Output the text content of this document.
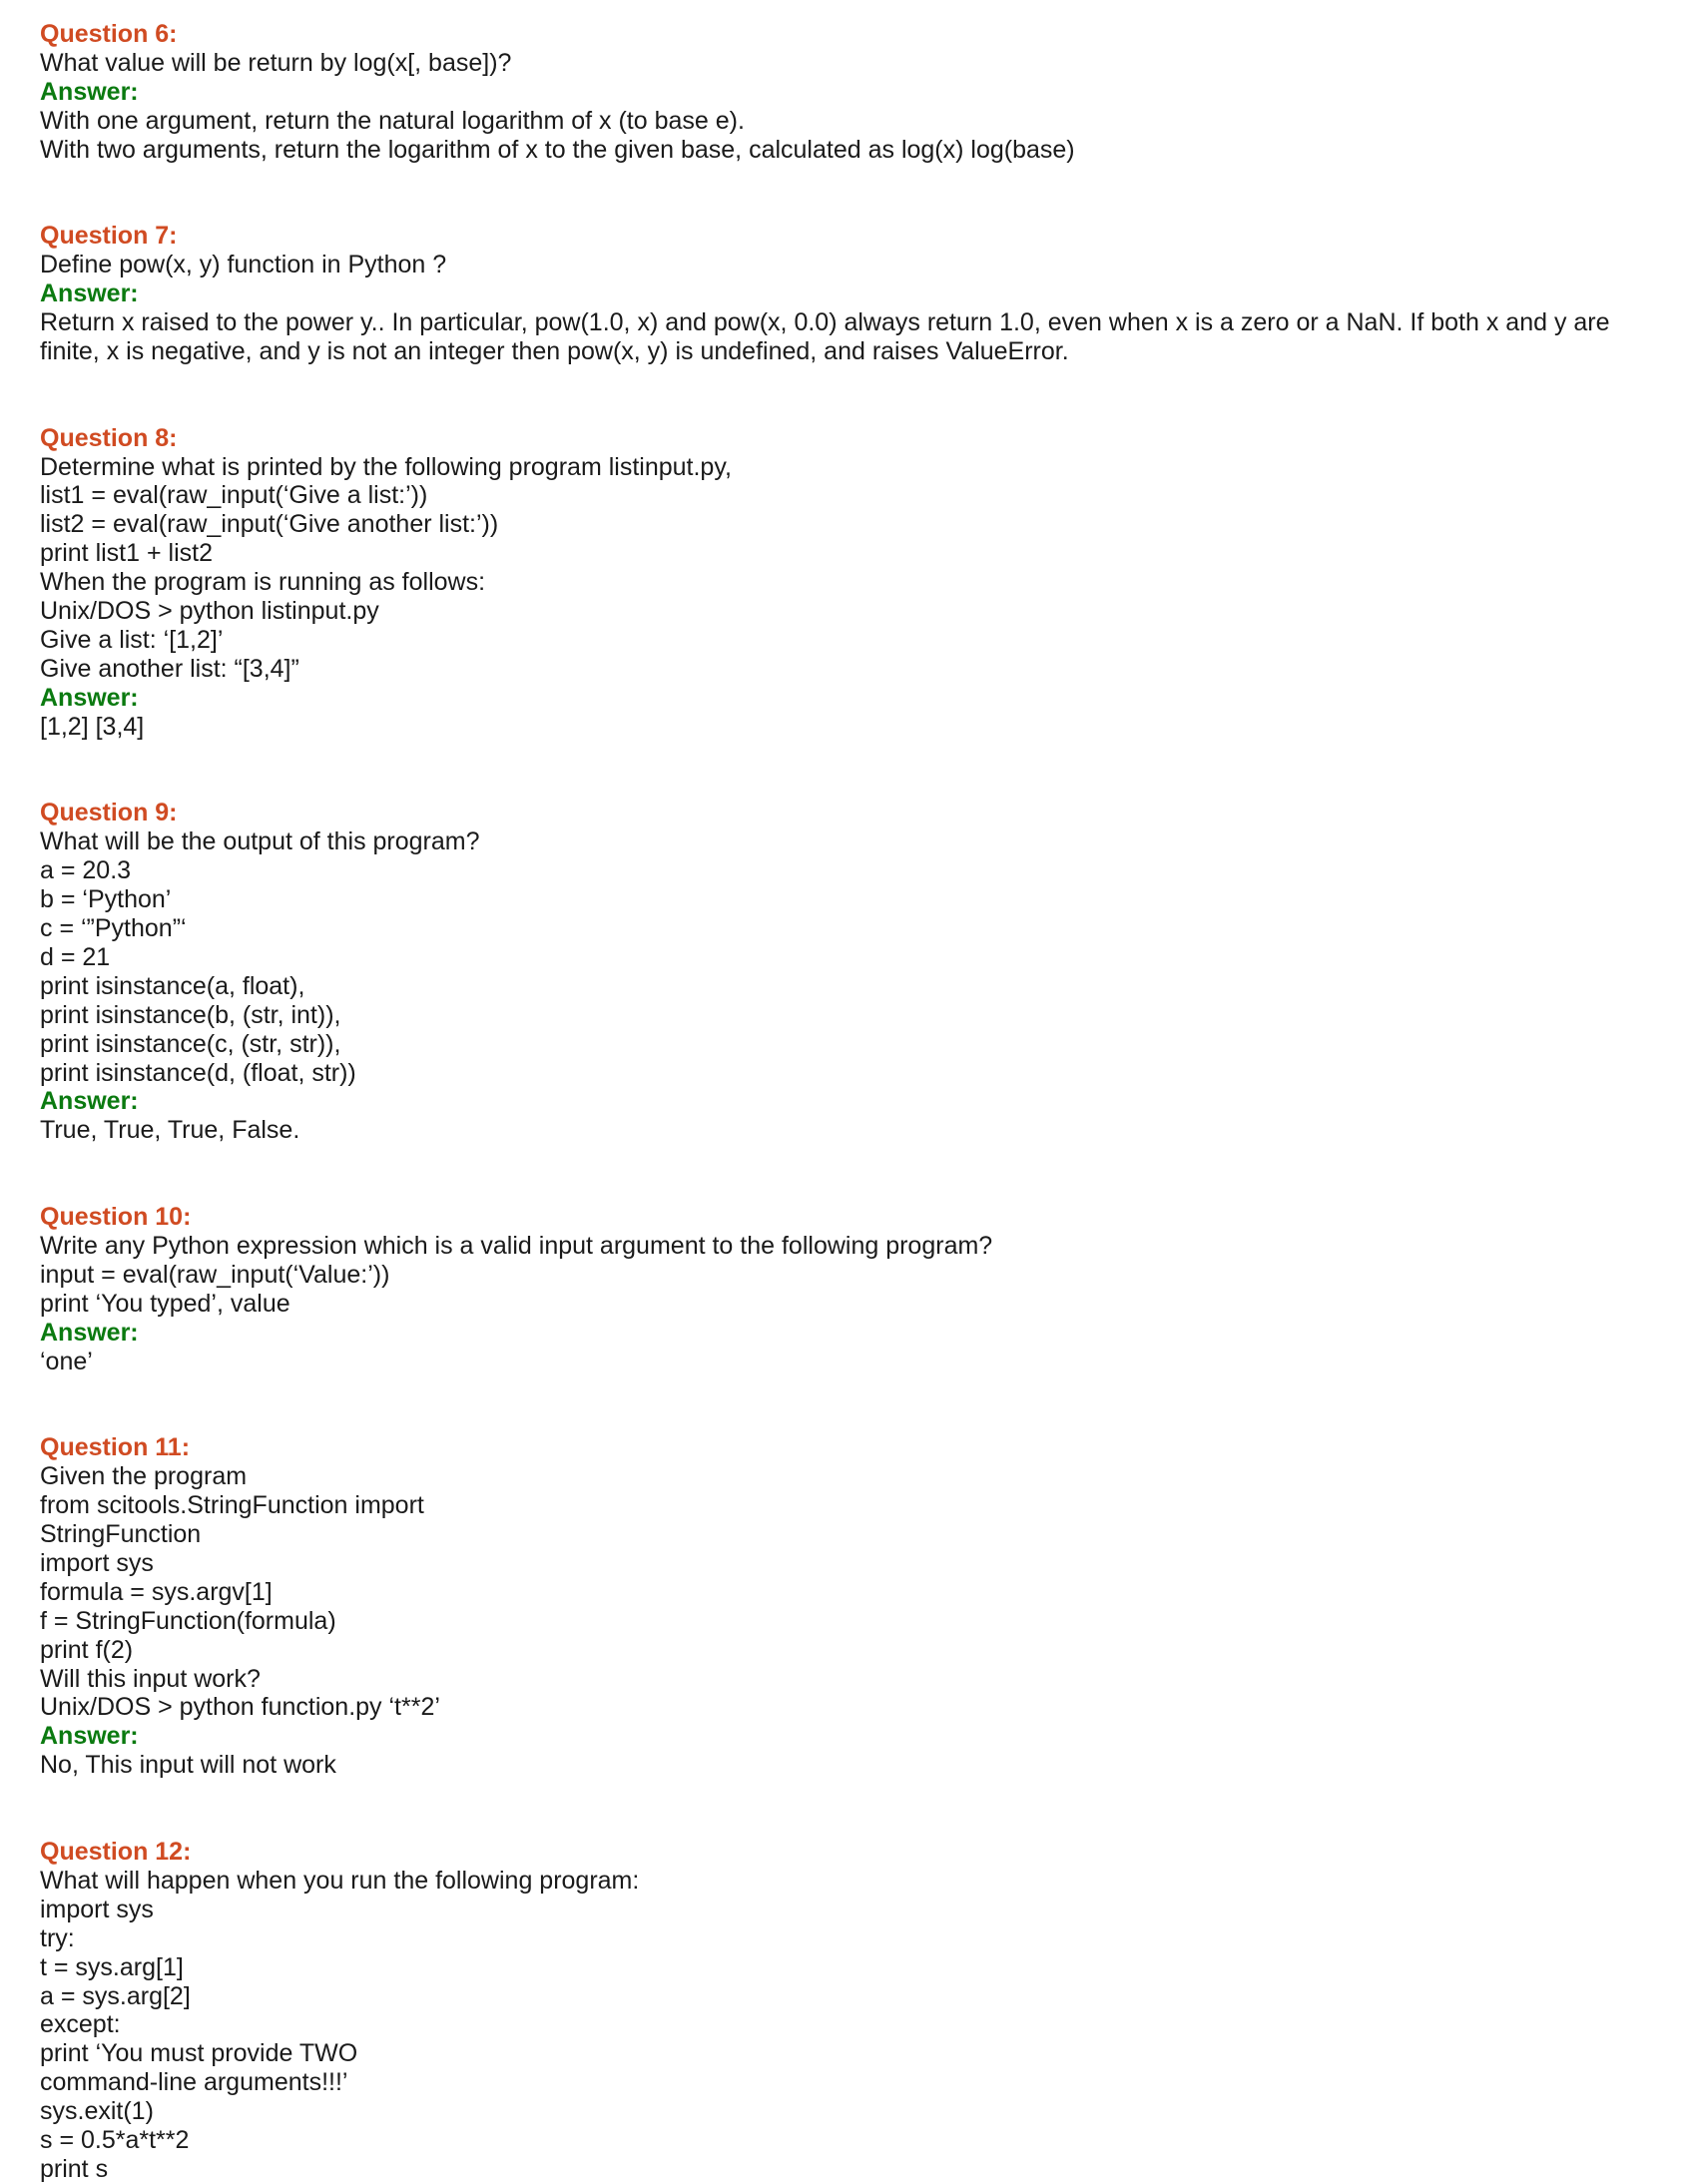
Question 6:
What value will be return by log(x[, base])?
Answer:
With one argument, return the natural logarithm of x (to base e).
With two arguments, return the logarithm of x to the given base, calculated as log(x) log(base)
Question 7:
Define pow(x, y) function in Python ?
Answer:
Return x raised to the power y.. In particular, pow(1.0, x) and pow(x, 0.0) always return 1.0, even when x is a zero or a NaN. If both x and y are
finite, x is negative, and y is not an integer then pow(x, y) is undefined, and raises ValueError.
Question 8:
Determine what is printed by the following program listinput.py,
list1 = eval(raw_input(‘Give a list:’))
list2 = eval(raw_input(‘Give another list:’))
print list1 + list2
When the program is running as follows:
Unix/DOS > python listinput.py
Give a list: ‘[1,2]’
Give another list: “[3,4]”
Answer:
[1,2] [3,4]
Question 9:
What will be the output of this program?
a = 20.3
b = ‘Python’
c = ‘”Python”‘
d = 21
print isinstance(a, float),
print isinstance(b, (str, int)),
print isinstance(c, (str, str)),
print isinstance(d, (float, str))
Answer:
True, True, True, False.
Question 10:
Write any Python expression which is a valid input argument to the following program?
input = eval(raw_input(‘Value:’))
print ‘You typed’, value
Answer:
‘one’
Question 11:
Given the program
from scitools.StringFunction import
StringFunction
import sys
formula = sys.argv[1]
f = StringFunction(formula)
print f(2)
Will this input work?
Unix/DOS > python function.py ‘t**2’
Answer:
No, This input will not work
Question 12:
What will happen when you run the following program:
import sys
try:
t = sys.arg[1]
a = sys.arg[2]
except:
print ‘You must provide TWO
command-line arguments!!!’
sys.exit(1)
s = 0.5*a*t**2
print s
